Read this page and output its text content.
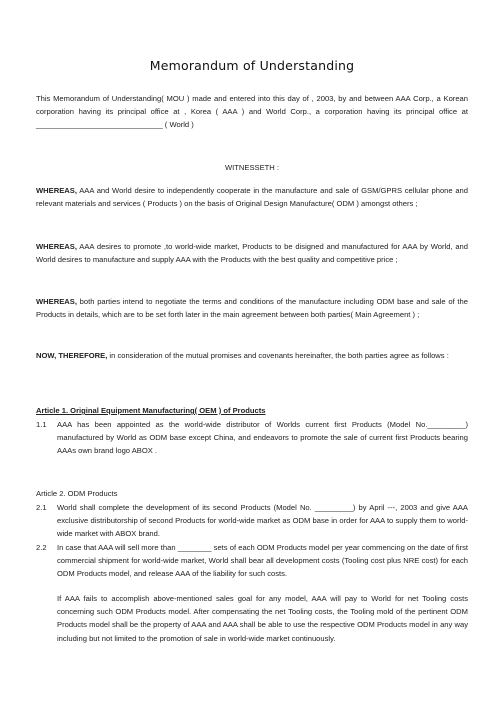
Memorandum of Understanding
This Memorandum of Understanding( MOU ) made and entered into this day of , 2003, by and between AAA Corp., a Korean corporation having its principal office at , Korea ( AAA ) and World Corp., a corporation having its principal office at ______________________________ ( World )
WITNESSETH :
WHEREAS, AAA and World desire to independently cooperate in the manufacture and sale of GSM/GPRS cellular phone and relevant materials and services ( Products ) on the basis of Original Design Manufacture( ODM ) amongst others ;
WHEREAS, AAA desires to promote ,to world-wide market, Products to be disigned and manufactured for AAA by World, and World desires to manufacture and supply AAA with the Products with the best quality and competitive price ;
WHEREAS, both parties intend to negotiate the terms and conditions of the manufacture including ODM base and sale of the Products in details, which are to be set forth later in the main agreement between both parties( Main Agreement ) ;
NOW, THEREFORE, in consideration of the mutual promises and covenants hereinafter, the both parties agree as follows :
Article 1. Original Equipment Manufacturing( OEM ) of Products
1.1 AAA has been appointed as the world-wide distributor of Worlds current first Products (Model No._________) manufactured by World as ODM base except China, and endeavors to promote the sale of current first Products bearing AAAs own brand logo ABOX .
Article 2. ODM Products
2.1 World shall complete the development of its second Products (Model No. _________) by April ---, 2003 and give AAA exclusive distributorship of second Products for world-wide market as ODM base in order for AAA to supply them to world-wide market with ABOX brand.
2.2 In case that AAA will sell more than ________ sets of each ODM Products model per year commencing on the date of first commercial shipment for world-wide market, World shall bear all development costs (Tooling cost plus NRE cost) for each ODM Products model, and release AAA of the liability for such costs.
If AAA fails to accomplish above-mentioned sales goal for any model, AAA will pay to World for net Tooling costs concerning such ODM Products model. After compensating the net Tooling costs, the Tooling mold of the pertinent ODM Products model shall be the property of AAA and AAA shall be able to use the respective ODM Products model in any way including but not limited to the promotion of sale in world-wide market continuously.
